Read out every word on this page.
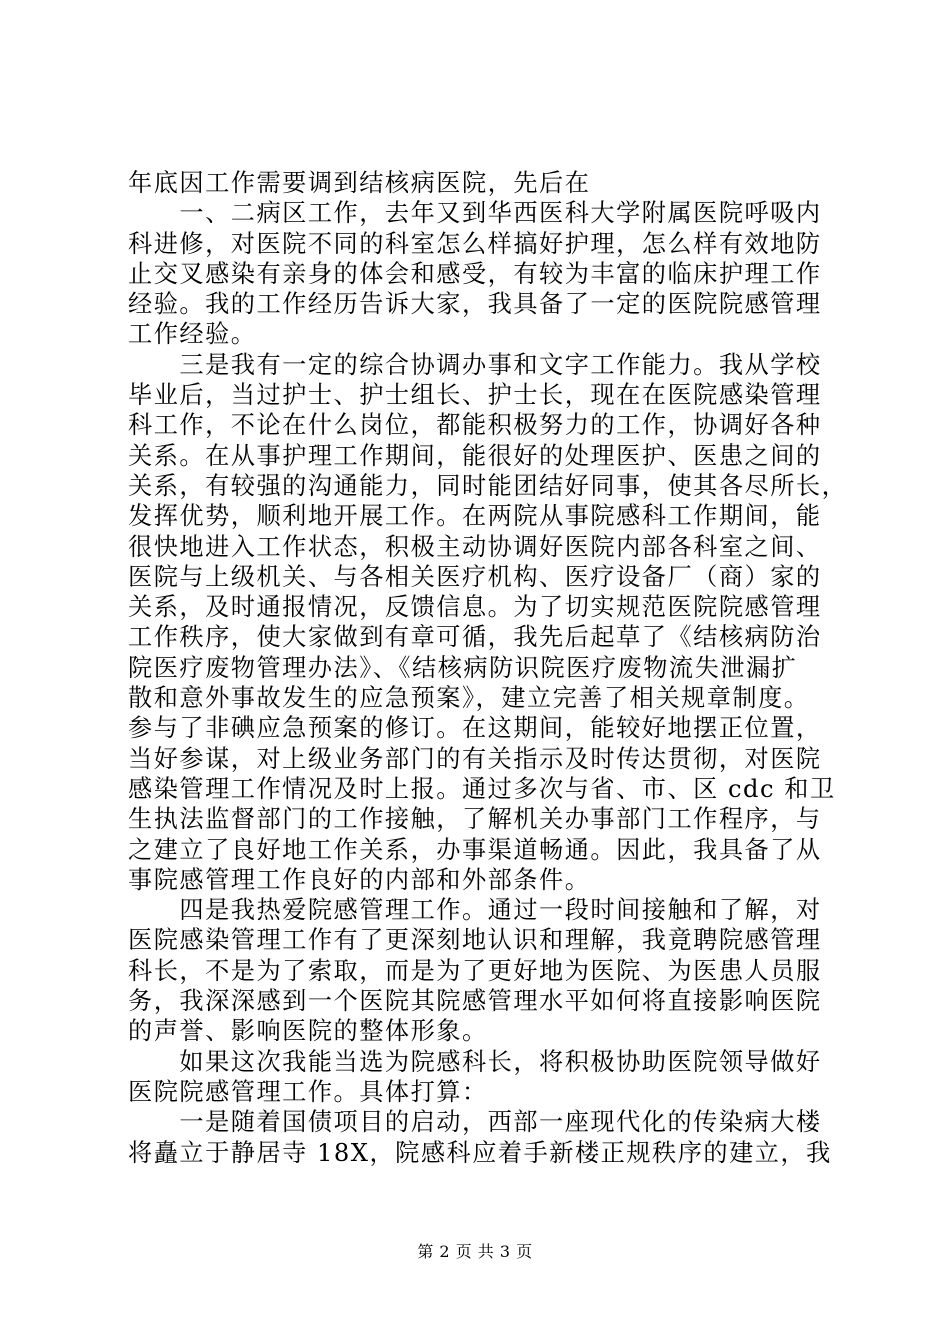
年底因工作需要调到结核病医院，先后在
　　一、二病区工作，去年又到华西医科大学附属医院呼吸内
科进修，对医院不同的科室怎么样搞好护理，怎么样有效地防
止交叉感染有亲身的体会和感受，有较为丰富的临床护理工作
经验。我的工作经历告诉大家，我具备了一定的医院院感管理
工作经验。
　　三是我有一定的综合协调办事和文字工作能力。我从学校
毕业后，当过护士、护士组长、护士长，现在在医院感染管理
科工作，不论在什么岗位，都能积极努力的工作，协调好各种
关系。在从事护理工作期间，能很好的处理医护、医患之间的
关系，有较强的沟通能力，同时能团结好同事，使其各尽所长，
发挥优势，顺利地开展工作。在两院从事院感科工作期间，能
很快地进入工作状态，积极主动协调好医院内部各科室之间、
医院与上级机关、与各相关医疗机构、医疗设备厂（商）家的
关系，及时通报情况，反馈信息。为了切实规范医院院感管理
工作秩序，使大家做到有章可循，我先后起草了《结核病防治
院医疗废物管理办法》、《结核病防识院医疗废物流失泄漏扩
散和意外事故发生的应急预案》，建立完善了相关规章制度。
参与了非碘应急预案的修订。在这期间，能较好地摆正位置，
当好参谋，对上级业务部门的有关指示及时传达贯彻，对医院
感染管理工作情况及时上报。通过多次与省、市、区 cdc 和卫
生执法监督部门的工作接触，了解机关办事部门工作程序，与
之建立了良好地工作关系，办事渠道畅通。因此，我具备了从
事院感管理工作良好的内部和外部条件。
　　四是我热爱院感管理工作。通过一段时间接触和了解，对
医院感染管理工作有了更深刻地认识和理解，我竟聘院感管理
科长，不是为了索取，而是为了更好地为医院、为医患人员服
务，我深深感到一个医院其院感管理水平如何将直接影响医院
的声誉、影响医院的整体形象。
　　如果这次我能当选为院感科长，将积极协助医院领导做好
医院院感管理工作。具体打算：
　　一是随着国债项目的启动，西部一座现代化的传染病大楼
将矗立于静居寺 18X，院感科应着手新楼正规秩序的建立，我
第 2 页 共 3 页
